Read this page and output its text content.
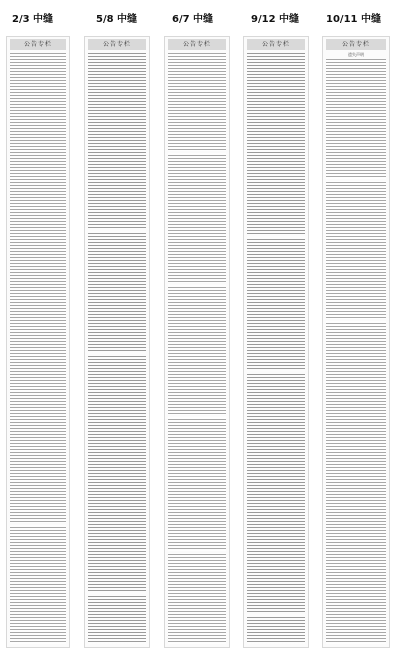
2/3 中缝	5/8 中缝	6/7 中缝	9/12 中缝	10/11 中缝
公告专栏	公告专栏	公告专栏	公告专栏	公告专栏
遗失声明
